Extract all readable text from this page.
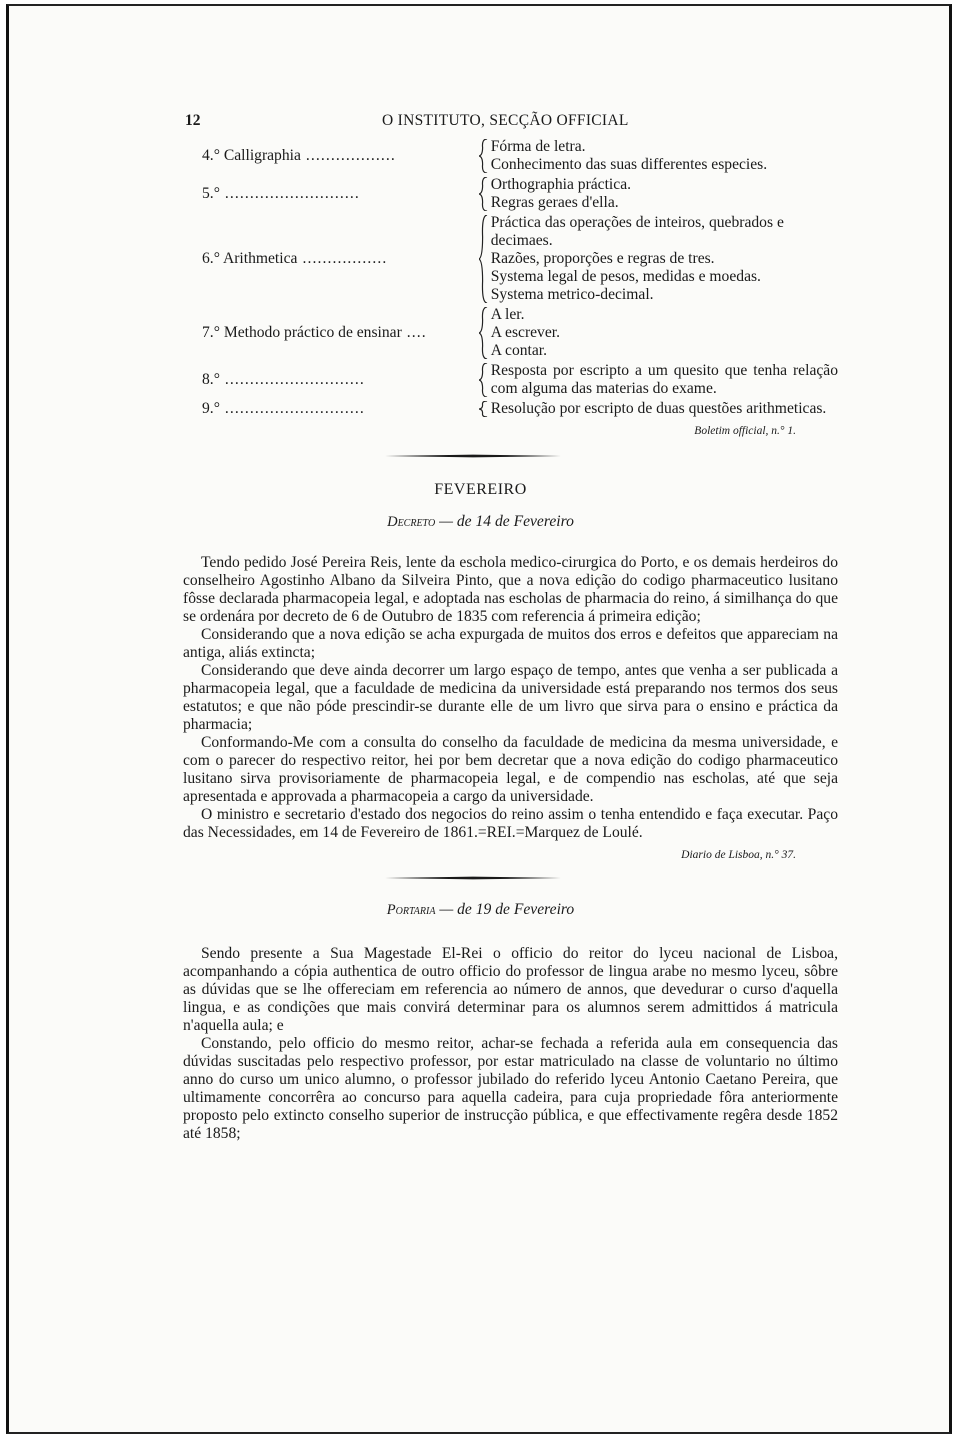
12	O INSTITUTO, SECÇÃO OFFICIAL
4.° Calligraphia ..................
Fórma de letra.
Conhecimento das suas differentes especies.
5.° ...........................
Orthographia práctica.
Regras geraes d'ella.
6.° Arithmetica .................
Práctica das operações de inteiros, quebrados e decimaes.
Razões, proporções e regras de tres.
Systema legal de pesos, medidas e moedas.
Systema metrico-decimal.
7.° Methodo práctico de ensinar ....
A ler.
A escrever.
A contar.
8.° ............................
Resposta por escripto a um quesito que tenha relação com alguma das materias do exame.
9.° ............................	Resolução por escripto de duas questões arithmeticas.
Boletim official, n.° 1.
FEVEREIRO
Decreto — de 14 de Fevereiro

Tendo pedido José Pereira Reis, lente da eschola medico-cirurgica do Porto, e os demais herdeiros do conselheiro Agostinho Albano da Silveira Pinto, que a nova edição do codigo pharmaceutico lusitano fôsse declarada pharmacopeia legal, e adoptada nas escholas de pharmacia do reino, á similhança do que se ordenára por decreto de 6 de Outubro de 1835 com referencia á primeira edição;

Considerando que a nova edição se acha expurgada de muitos dos erros e defeitos que appareciam na antiga, aliás extincta;

Considerando que deve ainda decorrer um largo espaço de tempo, antes que venha a ser publicada a pharmacopeia legal, que a faculdade de medicina da universidade está preparando nos termos dos seus estatutos; e que não póde prescindir-se durante elle de um livro que sirva para o ensino e práctica da pharmacia;

Conformando-Me com a consulta do conselho da faculdade de medicina da mesma universidade, e com o parecer do respectivo reitor, hei por bem decretar que a nova edição do codigo pharmaceutico lusitano sirva provisoriamente de pharmacopeia legal, e de compendio nas escholas, até que seja apresentada e approvada a pharmacopeia a cargo da universidade.

O ministro e secretario d'estado dos negocios do reino assim o tenha entendido e faça executar. Paço das Necessidades, em 14 de Fevereiro de 1861.=REI.=Marquez de Loulé.

Diario de Lisboa, n.° 37.
Portaria — de 19 de Fevereiro

Sendo presente a Sua Magestade El-Rei o officio do reitor do lyceu nacional de Lisboa, acompanhando a cópia authentica de outro officio do professor de lingua arabe no mesmo lyceu, sôbre as dúvidas que se lhe offereciam em referencia ao número de annos, que devedurar o curso d'aquella lingua, e as condições que mais convirá determinar para os alumnos serem admittidos á matricula n'aquella aula; e

Constando, pelo officio do mesmo reitor, achar-se fechada a referida aula em consequencia das dúvidas suscitadas pelo respectivo professor, por estar matriculado na classe de voluntario no último anno do curso um unico alumno, o professor jubilado do referido lyceu Antonio Caetano Pereira, que ultimamente concorrêra ao concurso para aquella cadeira, para cuja propriedade fôra anteriormente proposto pelo extincto conselho superior de instrucção pública, e que effectivamente regêra desde 1852 até 1858;
